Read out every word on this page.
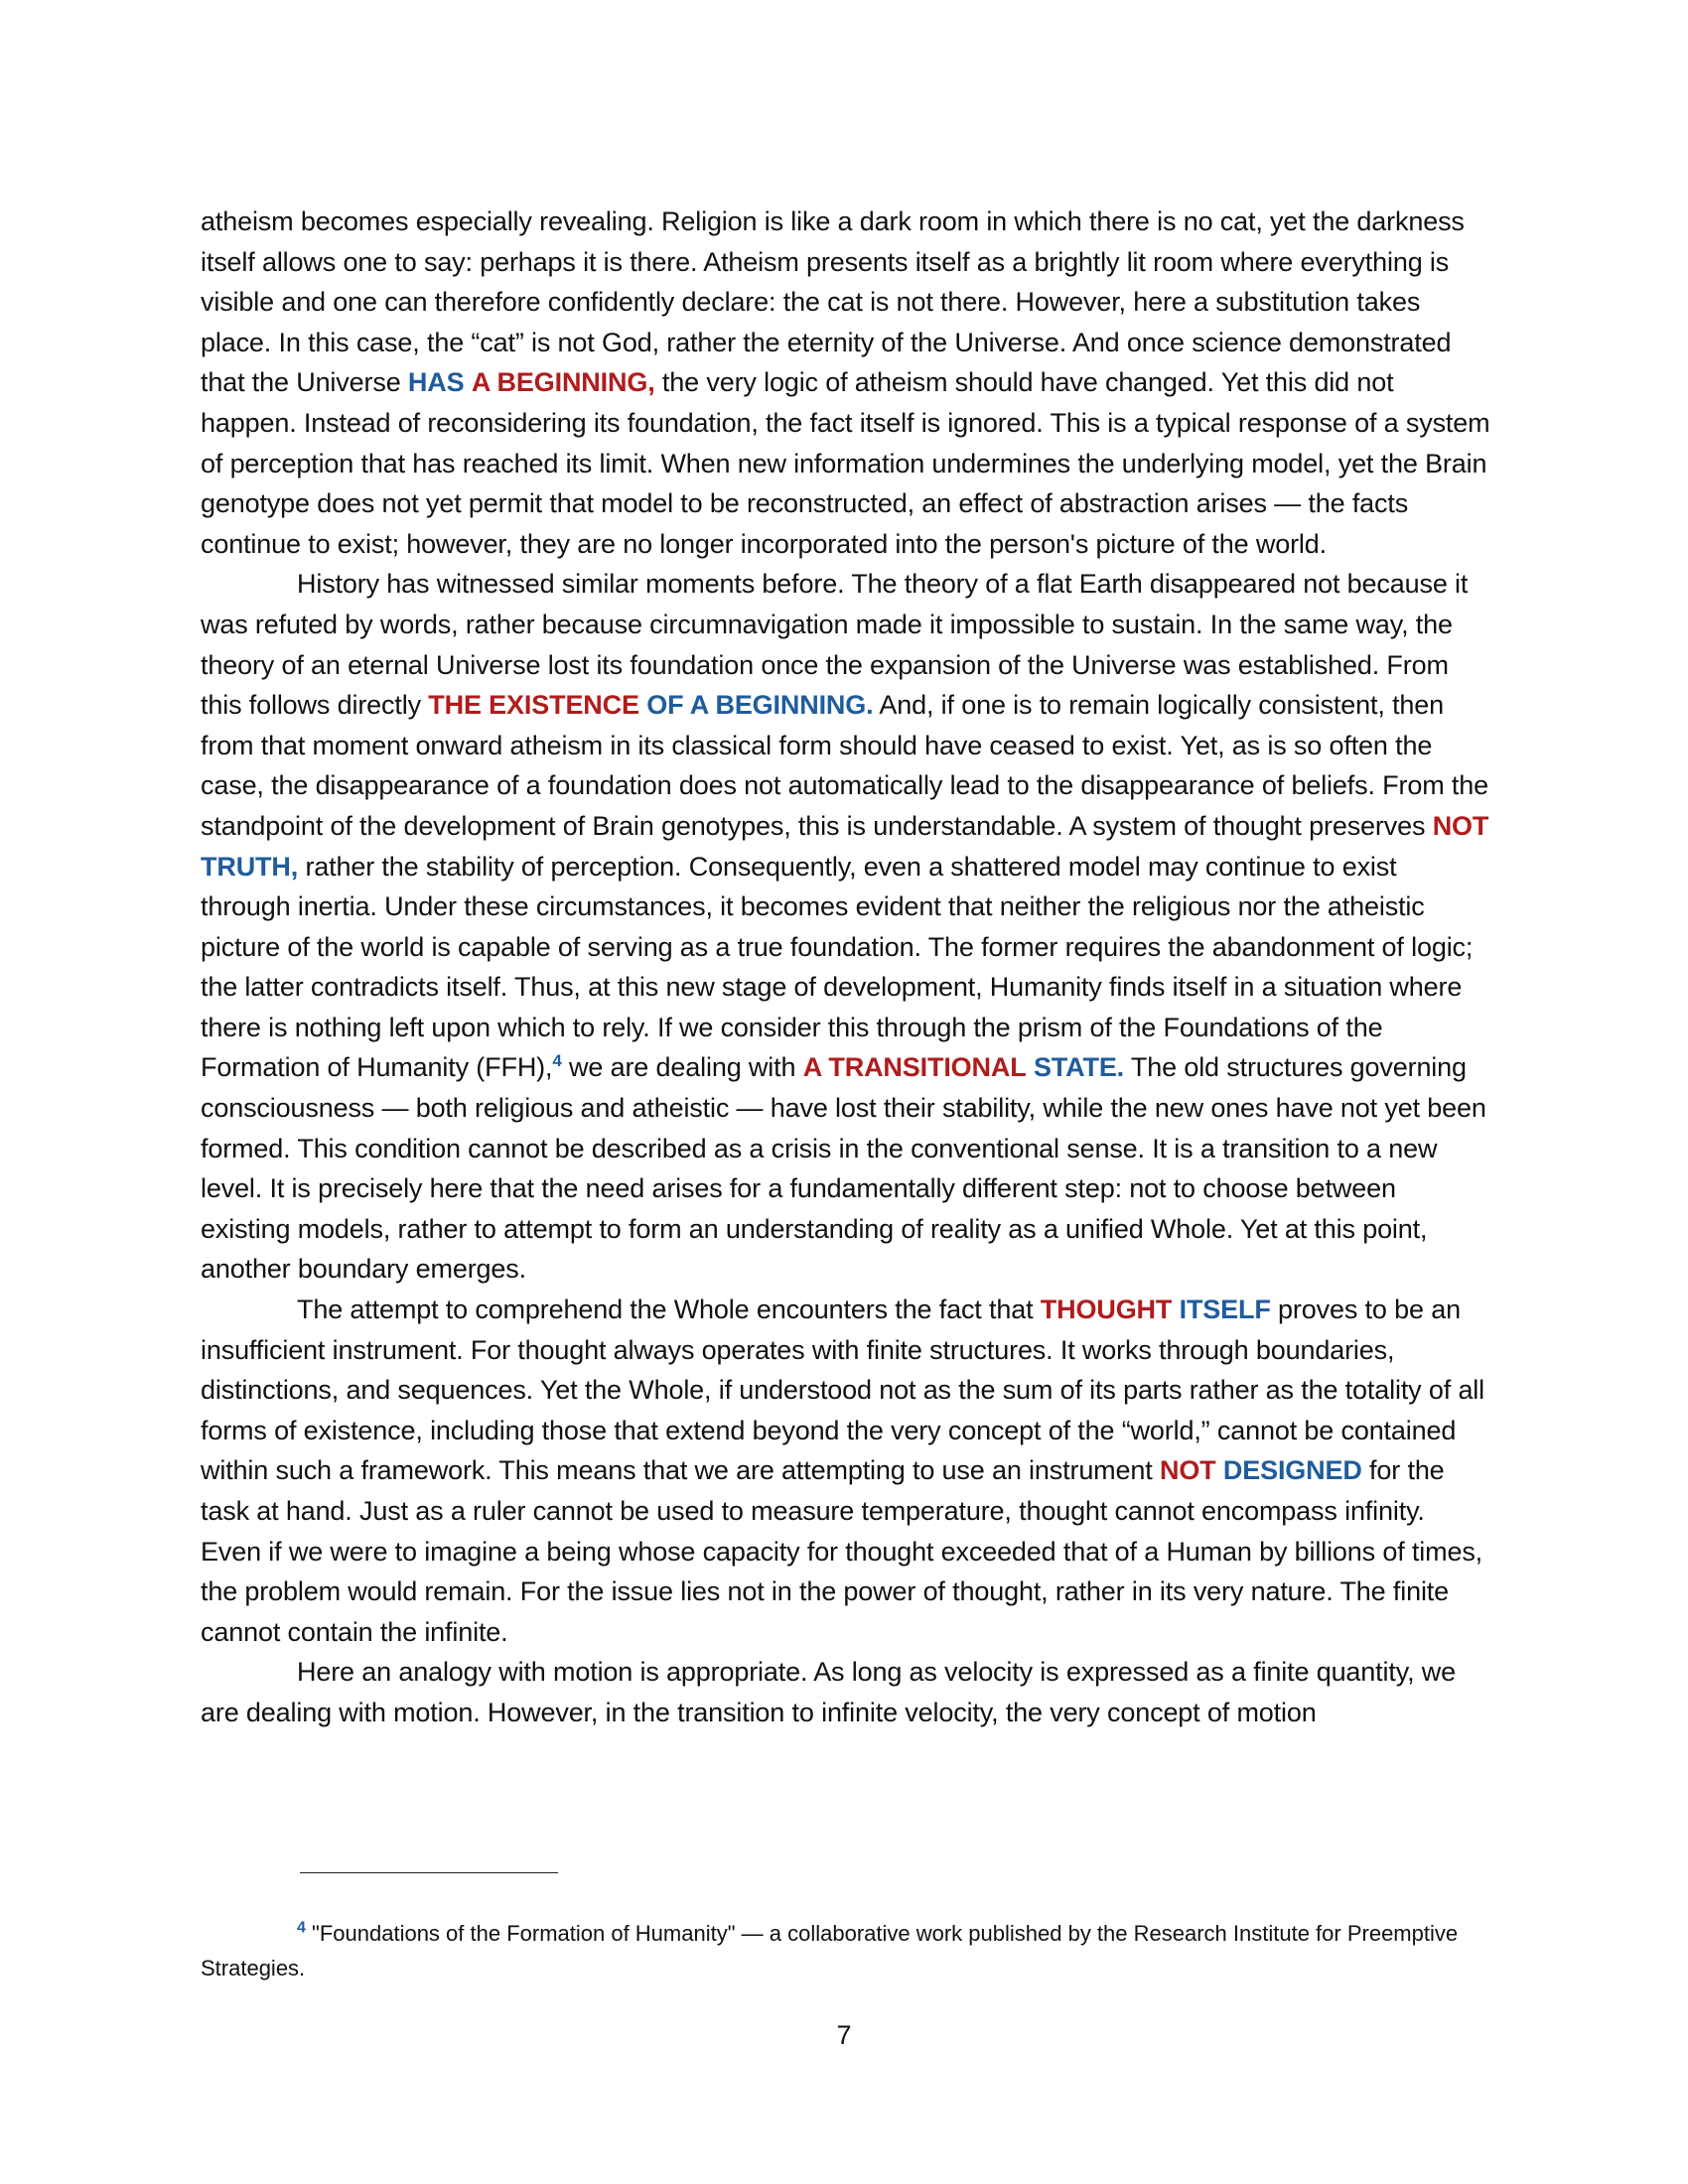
atheism becomes especially revealing. Religion is like a dark room in which there is no cat, yet the darkness itself allows one to say: perhaps it is there. Atheism presents itself as a brightly lit room where everything is visible and one can therefore confidently declare: the cat is not there. However, here a substitution takes place. In this case, the “cat” is not God, rather the eternity of the Universe. And once science demonstrated that the Universe HAS A BEGINNING, the very logic of atheism should have changed. Yet this did not happen. Instead of reconsidering its foundation, the fact itself is ignored. This is a typical response of a system of perception that has reached its limit. When new information undermines the underlying model, yet the Brain genotype does not yet permit that model to be reconstructed, an effect of abstraction arises — the facts continue to exist; however, they are no longer incorporated into the person's picture of the world.

History has witnessed similar moments before. The theory of a flat Earth disappeared not because it was refuted by words, rather because circumnavigation made it impossible to sustain. In the same way, the theory of an eternal Universe lost its foundation once the expansion of the Universe was established. From this follows directly THE EXISTENCE OF A BEGINNING. And, if one is to remain logically consistent, then from that moment onward atheism in its classical form should have ceased to exist. Yet, as is so often the case, the disappearance of a foundation does not automatically lead to the disappearance of beliefs. From the standpoint of the development of Brain genotypes, this is understandable. A system of thought preserves NOT TRUTH, rather the stability of perception. Consequently, even a shattered model may continue to exist through inertia. Under these circumstances, it becomes evident that neither the religious nor the atheistic picture of the world is capable of serving as a true foundation. The former requires the abandonment of logic; the latter contradicts itself. Thus, at this new stage of development, Humanity finds itself in a situation where there is nothing left upon which to rely. If we consider this through the prism of the Foundations of the Formation of Humanity (FFH),$^4$ we are dealing with A TRANSITIONAL STATE. The old structures governing consciousness — both religious and atheistic — have lost their stability, while the new ones have not yet been formed. This condition cannot be described as a crisis in the conventional sense. It is a transition to a new level. It is precisely here that the need arises for a fundamentally different step: not to choose between existing models, rather to attempt to form an understanding of reality as a unified Whole. Yet at this point, another boundary emerges.

The attempt to comprehend the Whole encounters the fact that THOUGHT ITSELF proves to be an insufficient instrument. For thought always operates with finite structures. It works through boundaries, distinctions, and sequences. Yet the Whole, if understood not as the sum of its parts rather as the totality of all forms of existence, including those that extend beyond the very concept of the “world,” cannot be contained within such a framework. This means that we are attempting to use an instrument NOT DESIGNED for the task at hand. Just as a ruler cannot be used to measure temperature, thought cannot encompass infinity. Even if we were to imagine a being whose capacity for thought exceeded that of a Human by billions of times, the problem would remain. For the issue lies not in the power of thought, rather in its very nature. The finite cannot contain the infinite.

Here an analogy with motion is appropriate. As long as velocity is expressed as a finite quantity, we are dealing with motion. However, in the transition to infinite velocity, the very concept of motion

$^4$ "Foundations of the Formation of Humanity" — a collaborative work published by the Research Institute for Preemptive Strategies.

7
